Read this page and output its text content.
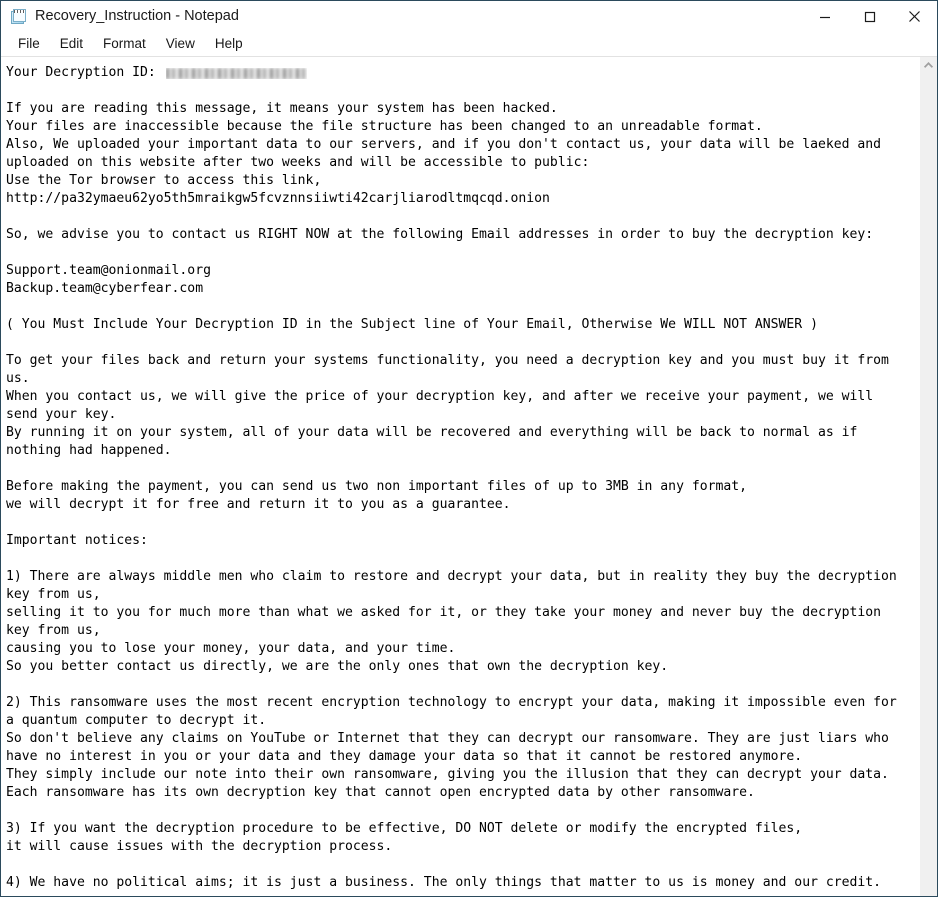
Recovery_Instruction - Notepad
File	Edit	Format	View	Help
Your Decryption ID:

If you are reading this message, it means your system has been hacked.
Your files are inaccessible because the file structure has been changed to an unreadable format.
Also, We uploaded your important data to our servers, and if you don't contact us, your data will be laeked and
uploaded on this website after two weeks and will be accessible to public:
Use the Tor browser to access this link,
http://pa32ymaeu62yo5th5mraikgw5fcvznnsiiwti42carjliarodltmqcqd.onion

So, we advise you to contact us RIGHT NOW at the following Email addresses in order to buy the decryption key:

Support.team@onionmail.org
Backup.team@cyberfear.com

( You Must Include Your Decryption ID in the Subject line of Your Email, Otherwise We WILL NOT ANSWER )

To get your files back and return your systems functionality, you need a decryption key and you must buy it from
us.
When you contact us, we will give the price of your decryption key, and after we receive your payment, we will
send your key.
By running it on your system, all of your data will be recovered and everything will be back to normal as if
nothing had happened.

Before making the payment, you can send us two non important files of up to 3MB in any format,
we will decrypt it for free and return it to you as a guarantee.

Important notices:

1) There are always middle men who claim to restore and decrypt your data, but in reality they buy the decryption
key from us,
selling it to you for much more than what we asked for it, or they take your money and never buy the decryption
key from us,
causing you to lose your money, your data, and your time.
So you better contact us directly, we are the only ones that own the decryption key.

2) This ransomware uses the most recent encryption technology to encrypt your data, making it impossible even for
a quantum computer to decrypt it.
So don't believe any claims on YouTube or Internet that they can decrypt our ransomware. They are just liars who
have no interest in you or your data and they damage your data so that it cannot be restored anymore.
They simply include our note into their own ransomware, giving you the illusion that they can decrypt your data.
Each ransomware has its own decryption key that cannot open encrypted data by other ransomware.

3) If you want the decryption procedure to be effective, DO NOT delete or modify the encrypted files,
it will cause issues with the decryption process.

4) We have no political aims; it is just a business. The only things that matter to us is money and our credit.
